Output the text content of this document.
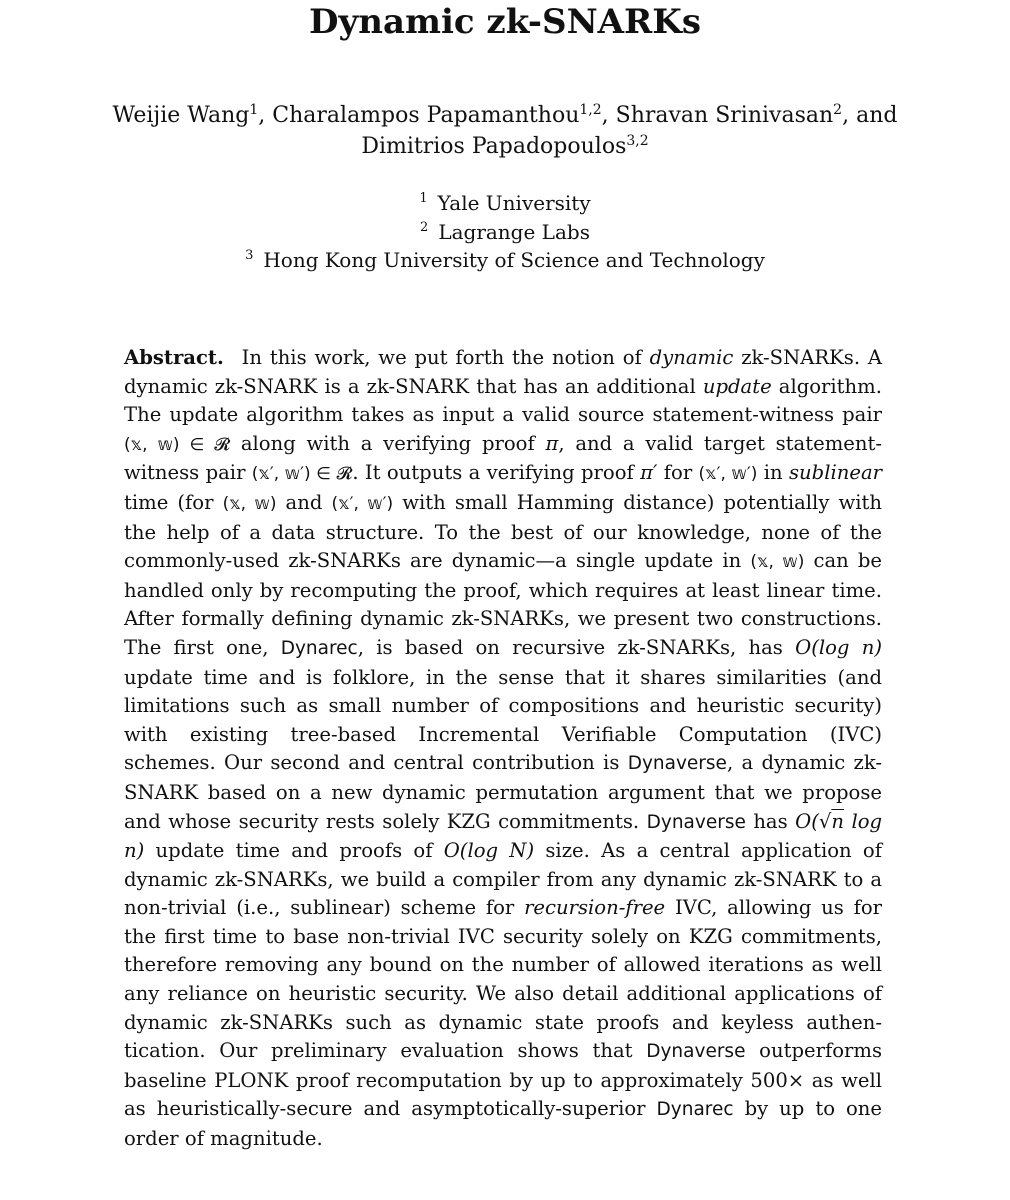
Dynamic zk-SNARKs
Weijie Wang$^1$, Charalampos Papamanthou$^{1,2}$, Shravan Srinivasan$^2$, and
Dimitrios Papadopoulos$^{3,2}$
$^1$ Yale University
$^2$ Lagrange Labs
$^3$ Hong Kong University of Science and Technology

Abstract. In this work, we put forth the notion of dynamic zk-SNARKs. A dynamic zk-SNARK is a zk-SNARK that has an additional update algorithm. The update algorithm takes as input a valid source statement-witness pair (𝕩, 𝕨) ∈ 𝓡 along with a verifying proof π, and a valid target statement-witness pair (𝕩′, 𝕨′) ∈ 𝓡. It outputs a verifying proof π′ for (𝕩′, 𝕨′) in sublinear time (for (𝕩, 𝕨) and (𝕩′, 𝕨′) with small Hamming distance) potentially with the help of a data structure. To the best of our knowledge, none of the commonly-used zk-SNARKs are dynamic—a single update in (𝕩, 𝕨) can be handled only by recomputing the proof, which requires at least linear time. After formally defining dynamic zk-SNARKs, we present two constructions. The first one, Dynarec, is based on recursive zk-SNARKs, has O(log n) update time and is folklore, in the sense that it shares similarities (and limitations such as small number of compositions and heuristic security) with existing tree-based Incremental Verifiable Computation (IVC) schemes. Our second and central contribution is Dynaverse, a dynamic zk-SNARK based on a new dynamic permutation argument that we propose and whose security rests solely KZG commitments. Dynaverse has O(√n log n) update time and proofs of O(log N) size. As a central application of dynamic zk-SNARKs, we build a compiler from any dynamic zk-SNARK to a non-trivial (i.e., sublinear) scheme for recursion-free IVC, allowing us for the first time to base non-trivial IVC security solely on KZG commitments, therefore removing any bound on the number of allowed iterations as well any reliance on heuristic security. We also detail additional applications of dynamic zk-SNARKs such as dynamic state proofs and keyless authentication. Our preliminary evaluation shows that Dynaverse outperforms baseline PLONK proof recomputation by up to approximately 500× as well as heuristically-secure and asymptotically-superior Dynarec by up to one order of magnitude.
